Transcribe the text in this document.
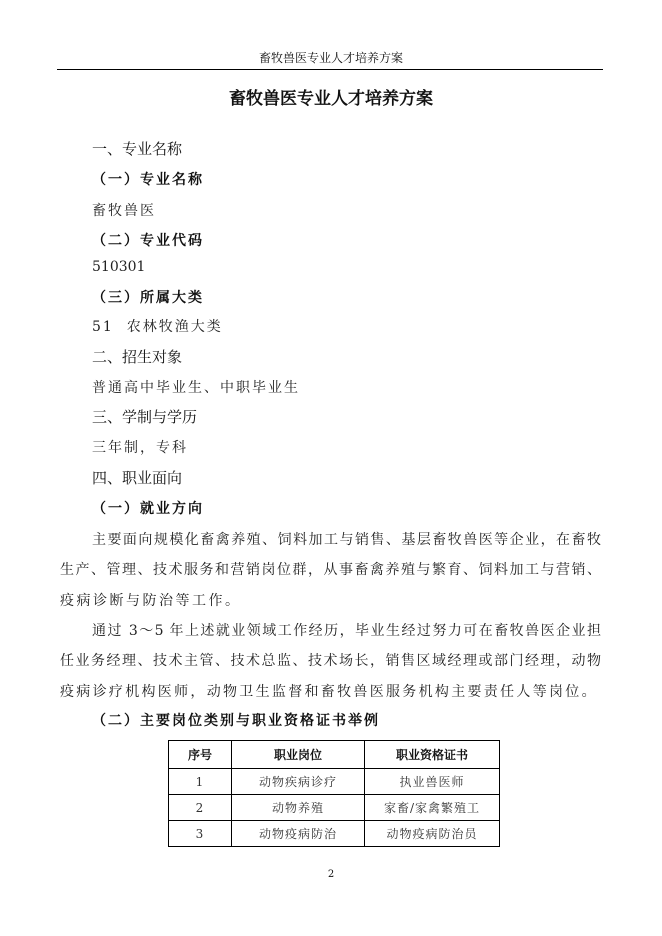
畜牧兽医专业人才培养方案
畜牧兽医专业人才培养方案
一、专业名称
（一）专业名称
畜牧兽医
（二）专业代码
510301
（三）所属大类
51  农林牧渔大类
二、招生对象
普通高中毕业生、中职毕业生
三、学制与学历
三年制，专科
四、职业面向
（一）就业方向
主要面向规模化畜禽养殖、饲料加工与销售、基层畜牧兽医等企业，在畜牧
生产、管理、技术服务和营销岗位群，从事畜禽养殖与繁育、饲料加工与营销、
疫病诊断与防治等工作。
通过 3～5 年上述就业领域工作经历，毕业生经过努力可在畜牧兽医企业担
任业务经理、技术主管、技术总监、技术场长，销售区域经理或部门经理，动物
疫病诊疗机构医师，动物卫生监督和畜牧兽医服务机构主要责任人等岗位。
（二）主要岗位类别与职业资格证书举例
序号	职业岗位	职业资格证书
1	动物疾病诊疗	执业兽医师
2	动物养殖	家畜/家禽繁殖工
3	动物疫病防治	动物疫病防治员
2
